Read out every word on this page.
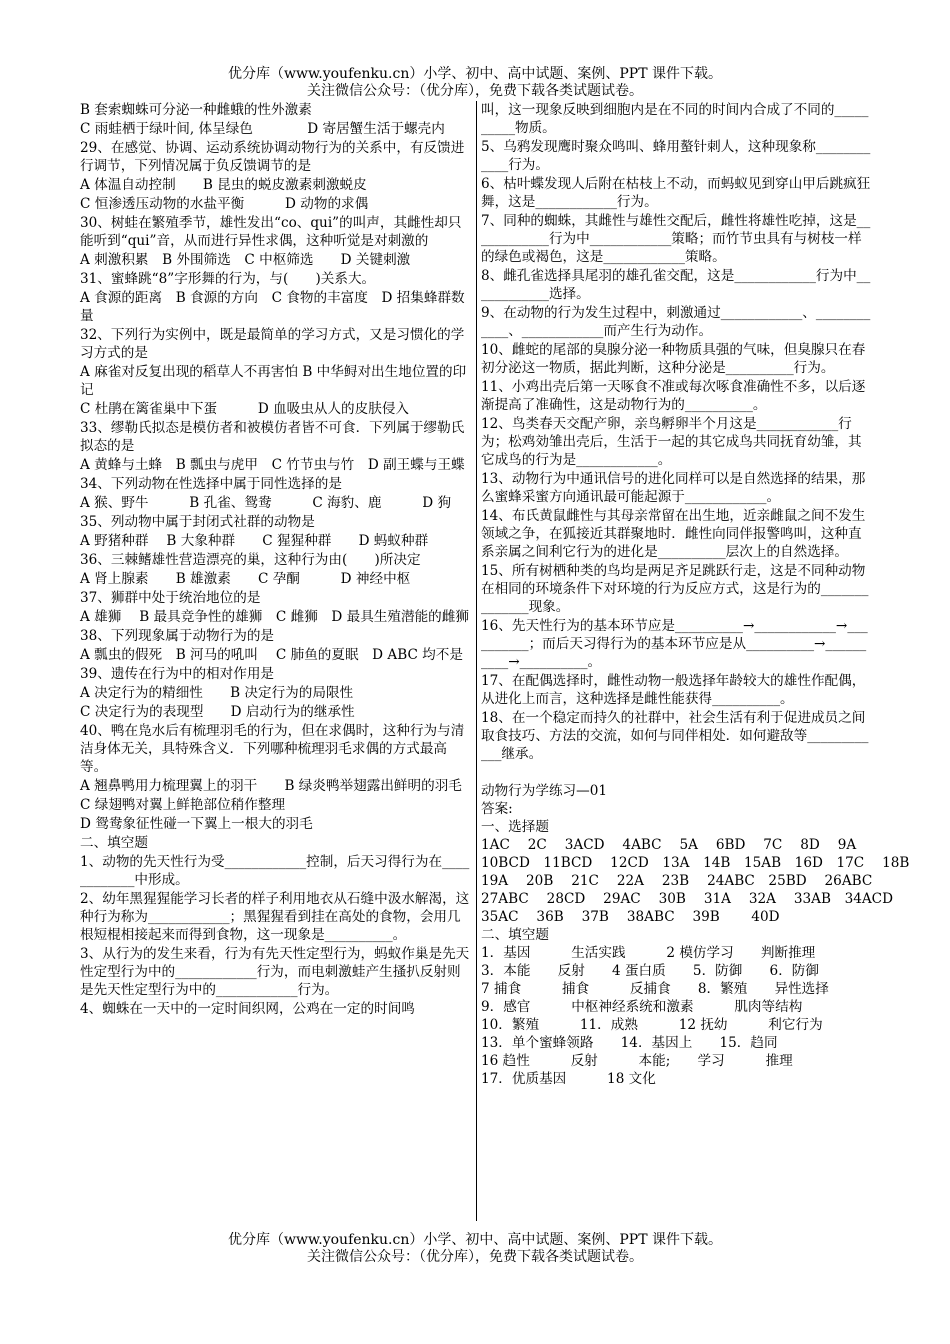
优分库（www.youfenku.cn）小学、初中、高中试题、案例、PPT 课件下载。
关注微信公众号：（优分库），免费下载各类试题试卷。

B 套索蜘蛛可分泌一种雌蛾的性外激素

C 雨蛙栖于绿叶间, 体呈绿色　　　　D 寄居蟹生活于螺壳内

29、在感觉、协调、运动系统协调动物行为的关系中，有反馈进行调节，下列情况属于负反馈调节的是

A 体温自动控制　　B 昆虫的蜕皮激素刺激蜕皮

C 恒渗透压动物的水盐平衡　　　D 动物的求偶

30、树蛙在繁殖季节，雄性发出“co、qui”的叫声，其雌性却只能听到“qui”音，从而进行异性求偶，这种听觉是对刺激的

A 刺激积累　B 外围筛选　C 中枢筛选　　D 关键刺激

31、蜜蜂跳“8”字形舞的行为，与(　　)关系大。

A 食源的距离　B 食源的方向　C 食物的丰富度　D 招集蜂群数量

32、下列行为实例中，既是最简单的学习方式，又是习惯化的学习方式的是

A 麻雀对反复出现的稻草人不再害怕 B 中华鲟对出生地位置的印记

C 杜鹃在篱雀巢中下蛋　　　D 血吸虫从人的皮肤侵入

33、缪勒氏拟态是模仿者和被模仿者皆不可食．下列属于缪勒氏拟态的是

A 黄蜂与土蜂　B 瓢虫与虎甲　C 竹节虫与竹　D 副王蝶与王蝶

34、下列动物在性选择中属于同性选择的是

A 猴、野牛　　　B 孔雀、鸳鸯　　　C 海豹、鹿　　　D 狗

35、列动物中属于封闭式社群的动物是

A 野猪种群　 B 大象种群　　C 猩猩种群　　D 蚂蚁种群

36、三棘鳍雄性营造漂亮的巢，这种行为由(　　)所决定

A 肾上腺素　　B 雄激素　　C 孕酮　　　D 神经中枢

37、狮群中处于统治地位的是

A 雄狮　 B 最具竞争性的雄狮　C 雌狮　D 最具生殖潜能的雌狮

38、下列现象属于动物行为的是

A 瓢虫的假死　B 河马的吼叫　 C 肺鱼的夏眠　D ABC 均不是

39、遗传在行为中的相对作用是

A 决定行为的精细性　　B 决定行为的局限性

C 决定行为的表现型　　D 启动行为的继承性

40、鸭在凫水后有梳理羽毛的行为，但在求偶时，这种行为与清洁身体无关，具特殊含义．下列哪种梳理羽毛求偶的方式最高等。

A 翘鼻鸭用力梳理翼上的羽干　　B 绿炎鸭举翅露出鲜明的羽毛

C 绿翅鸭对翼上鲜艳部位稍作整理

D 鸳鸯象征性碰一下翼上一根大的羽毛

二、填空题

1、动物的先天性行为受____________控制，后天习得行为在____________中形成。

2、幼年黑猩猩能学习长者的样子利用地衣从石缝中汲水解渴，这种行为称为____________；黑猩猩看到挂在高处的食物，会用几根短棍相接起来而得到食物，这一现象是__________。

3、从行为的发生来看，行为有先天性定型行为，蚂蚁作巢是先天性定型行为中的____________行为，而电刺激蛙产生搔扒反射则是先天性定型行为中的____________行为。

4、蜘蛛在一天中的一定时间织网，公鸡在一定的时间鸣

叫，这一现象反映到细胞内是在不同的时间内合成了不同的__________物质。

5、乌鸦发现鹰时聚众鸣叫、蜂用螯针刺人，这种现象称____________行为。

6、枯叶蝶发现人后附在枯枝上不动，而蚂蚁见到穿山甲后跳疯狂舞，这是____________行为。

7、同种的蜘蛛，其雌性与雄性交配后，雌性将雄性吃掉，这是____________行为中____________策略；而竹节虫具有与树枝一样的绿色或褐色，这是____________策略。

8、雌孔雀选择具尾羽的雄孔雀交配，这是____________行为中____________选择。

9、在动物的行为发生过程中，刺激通过____________、____________、____________而产生行为动作。

10、雌蛇的尾部的臭腺分泌一种物质具强的气味，但臭腺只在春初分泌这一物质，据此判断，这种分泌是__________行为。

11、小鸡出壳后第一天啄食不准或每次啄食准确性不多，以后逐渐提高了准确性，这是动物行为的__________。

12、鸟类春天交配产卵，亲鸟孵卵半个月这是____________行为；松鸡効雏出壳后，生活于一起的其它成鸟共同抚育幼雏，其它成鸟的行为是____________。

13、动物行为中通讯信号的进化同样可以是自然选择的结果，那么蜜蜂采蜜方向通讯最可能起源于____________。

14、布氏黄鼠雌性与其母亲常留在出生地，近亲雌鼠之间不发生领域之争，在狐接近其群聚地时．雌性向同伴报警鸣叫，这种直系亲属之间利它行为的进化是__________层次上的自然选择。

15、所有树栖种类的鸟均是两足齐足跳跃行走，这是不同种动物在相同的环境条件下对环境的行为反应方式，这是行为的______________现象。

16、先天性行为的基本环节应是__________→____________→__________；而后天习得行为的基本环节应是从__________→__________→__________。

17、在配偶选择时，雌性动物一般选择年龄较大的雄性作配偶，从进化上而言，这种选择是雌性能获得__________。

18、在一个稳定而持久的社群中，社会生活有利于促进成员之间取食技巧、方法的交流，如何与同伴相处．如何避敌等____________继承。

动物行为学练习—01

答案:

一、选择题

1AC　 2C　 3ACD　 4ABC　 5A　 6BD　 7C　 8D　 9A

10BCD　11BCD　 12CD　13A　14B　15AB　16D　17C　 18B

19A　 20B　 21C　 22A　 23B　 24ABC　25BD　 26ABC

27ABC　 28CD　 29AC　 30B　 31A　 32A　 33AB　34ACD

35AC　 36B　 37B　 38ABC　 39B　　 40D

二、填空题

1．基因　　　生活实践　　　2 模仿学习　　判断推理

3．本能　　反射　　4 蛋白质　　5．防御　　6．防御

7 捕食　　　捕食　　　反捕食　　8．繁殖　　异性选择

9．感官　　　中枢神经系统和激素　　　肌肉等结构

10．繁殖　　　11．成熟　　　12 抚幼　　　利它行为

13．单个蜜蜂领路　　14．基因上　　15．趋同

16 趋性　　　反射　　　本能;　　学习　　　推理

17．优质基因　　　18 文化

优分库（www.youfenku.cn）小学、初中、高中试题、案例、PPT 课件下载。
关注微信公众号：（优分库），免费下载各类试题试卷。
